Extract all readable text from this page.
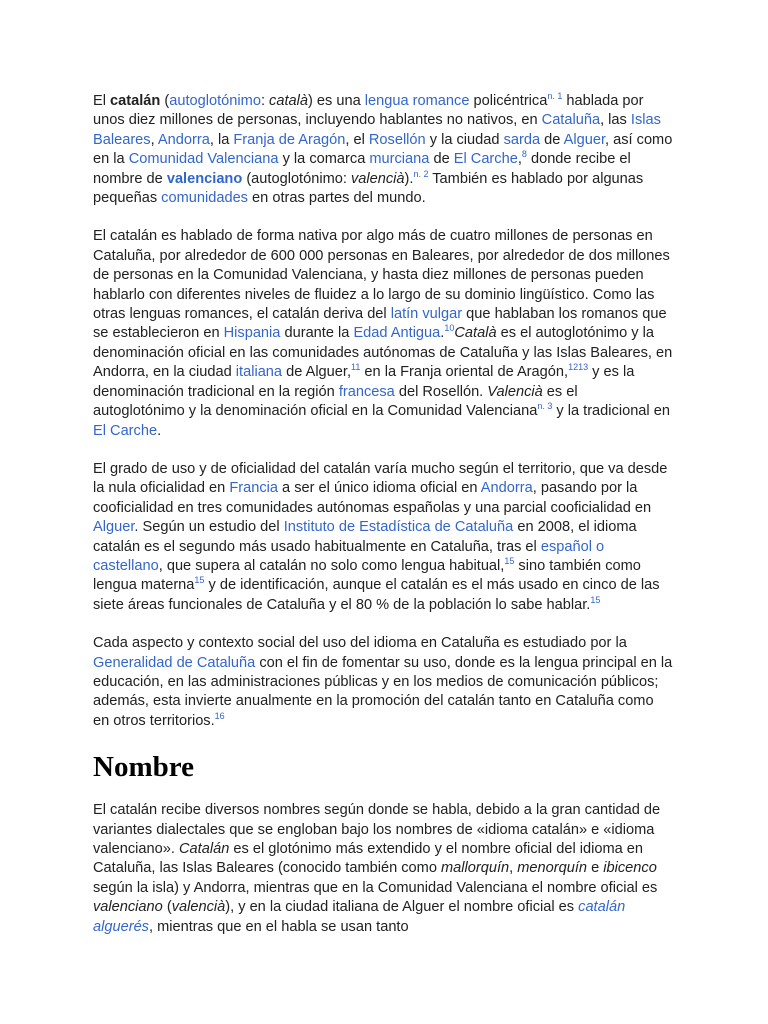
El catalán (autoglotónimo: català) es una lengua romance policéntrica$^{n. 1}$ hablada por unos diez millones de personas, incluyendo hablantes no nativos, en Cataluña, las Islas Baleares, Andorra, la Franja de Aragón, el Rosellón y la ciudad sarda de Alguer, así como en la Comunidad Valenciana y la comarca murciana de El Carche,$^8$ donde recibe el nombre de valenciano (autoglotónimo: valencià).$^{n. 2}$ También es hablado por algunas pequeñas comunidades en otras partes del mundo.

El catalán es hablado de forma nativa por algo más de cuatro millones de personas en Cataluña, por alrededor de 600 000 personas en Baleares, por alrededor de dos millones de personas en la Comunidad Valenciana, y hasta diez millones de personas pueden hablarlo con diferentes niveles de fluidez a lo largo de su dominio lingüístico. Como las otras lenguas romances, el catalán deriva del latín vulgar que hablaban los romanos que se establecieron en Hispania durante la Edad Antigua.$^{10}$Català es el autoglotónimo y la denominación oficial en las comunidades autónomas de Cataluña y las Islas Baleares, en Andorra, en la ciudad italiana de Alguer,$^{11}$ en la Franja oriental de Aragón,$^{1213}$ y es la denominación tradicional en la región francesa del Rosellón. Valencià es el autoglotónimo y la denominación oficial en la Comunidad Valenciana$^{n. 3}$ y la tradicional en El Carche.

El grado de uso y de oficialidad del catalán varía mucho según el territorio, que va desde la nula oficialidad en Francia a ser el único idioma oficial en Andorra, pasando por la cooficialidad en tres comunidades autónomas españolas y una parcial cooficialidad en Alguer. Según un estudio del Instituto de Estadística de Cataluña en 2008, el idioma catalán es el segundo más usado habitualmente en Cataluña, tras el español o castellano, que supera al catalán no solo como lengua habitual,$^{15}$ sino también como lengua materna$^{15}$ y de identificación, aunque el catalán es el más usado en cinco de las siete áreas funcionales de Cataluña y el 80 % de la población lo sabe hablar.$^{15}$

Cada aspecto y contexto social del uso del idioma en Cataluña es estudiado por la Generalidad de Cataluña con el fin de fomentar su uso, donde es la lengua principal en la educación, en las administraciones públicas y en los medios de comunicación públicos; además, esta invierte anualmente en la promoción del catalán tanto en Cataluña como en otros territorios.$^{16}$

Nombre

El catalán recibe diversos nombres según donde se habla, debido a la gran cantidad de variantes dialectales que se engloban bajo los nombres de «idioma catalán» e «idioma valenciano». Catalán es el glotónimo más extendido y el nombre oficial del idioma en Cataluña, las Islas Baleares (conocido también como mallorquín, menorquín e ibicenco según la isla) y Andorra, mientras que en la Comunidad Valenciana el nombre oficial es valenciano (valencià), y en la ciudad italiana de Alguer el nombre oficial es catalán alguerés, mientras que en el habla se usan tanto
